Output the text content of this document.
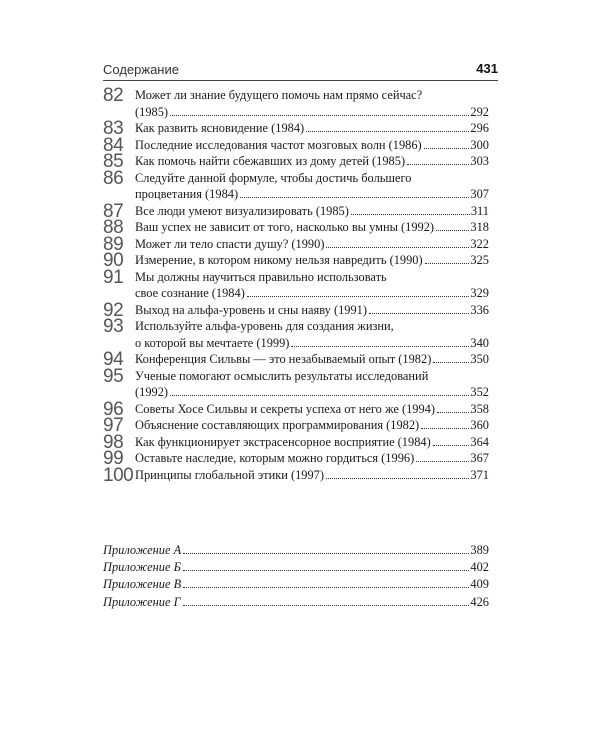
Содержание	431
82 Может ли знание будущего помочь нам прямо сейчас?
(1985)	292
83 Как развить ясновидение (1984)	296
84 Последние исследования частот мозговых волн (1986)	300
85 Как помочь найти сбежавших из дому детей (1985)	303
86 Следуйте данной формуле, чтобы достичь большего
процветания (1984)	307
87 Все люди умеют визуализировать (1985)	311
88 Ваш успех не зависит от того, насколько вы умны (1992)	318
89 Может ли тело спасти душу? (1990)	322
90 Измерение, в котором никому нельзя навредить (1990)	325
91 Мы должны научиться правильно использовать
свое сознание (1984)	329
92 Выход на альфа-уровень и сны наяву (1991)	336
93 Используйте альфа-уровень для создания жизни,
о которой вы мечтаете (1999)	340
94 Конференция Сильвы — это незабываемый опыт (1982)	350
95 Ученые помогают осмыслить результаты исследований
(1992)	352
96 Советы Хосе Сильвы и секреты успеха от него же (1994)	358
97 Объяснение составляющих программирования (1982)	360
98 Как функционирует экстрасенсорное восприятие (1984)	364
99 Оставьте наследие, которым можно гордиться (1996)	367
100 Принципы глобальной этики (1997)	371
Приложение А	389
Приложение Б	402
Приложение В	409
Приложение Г	426
